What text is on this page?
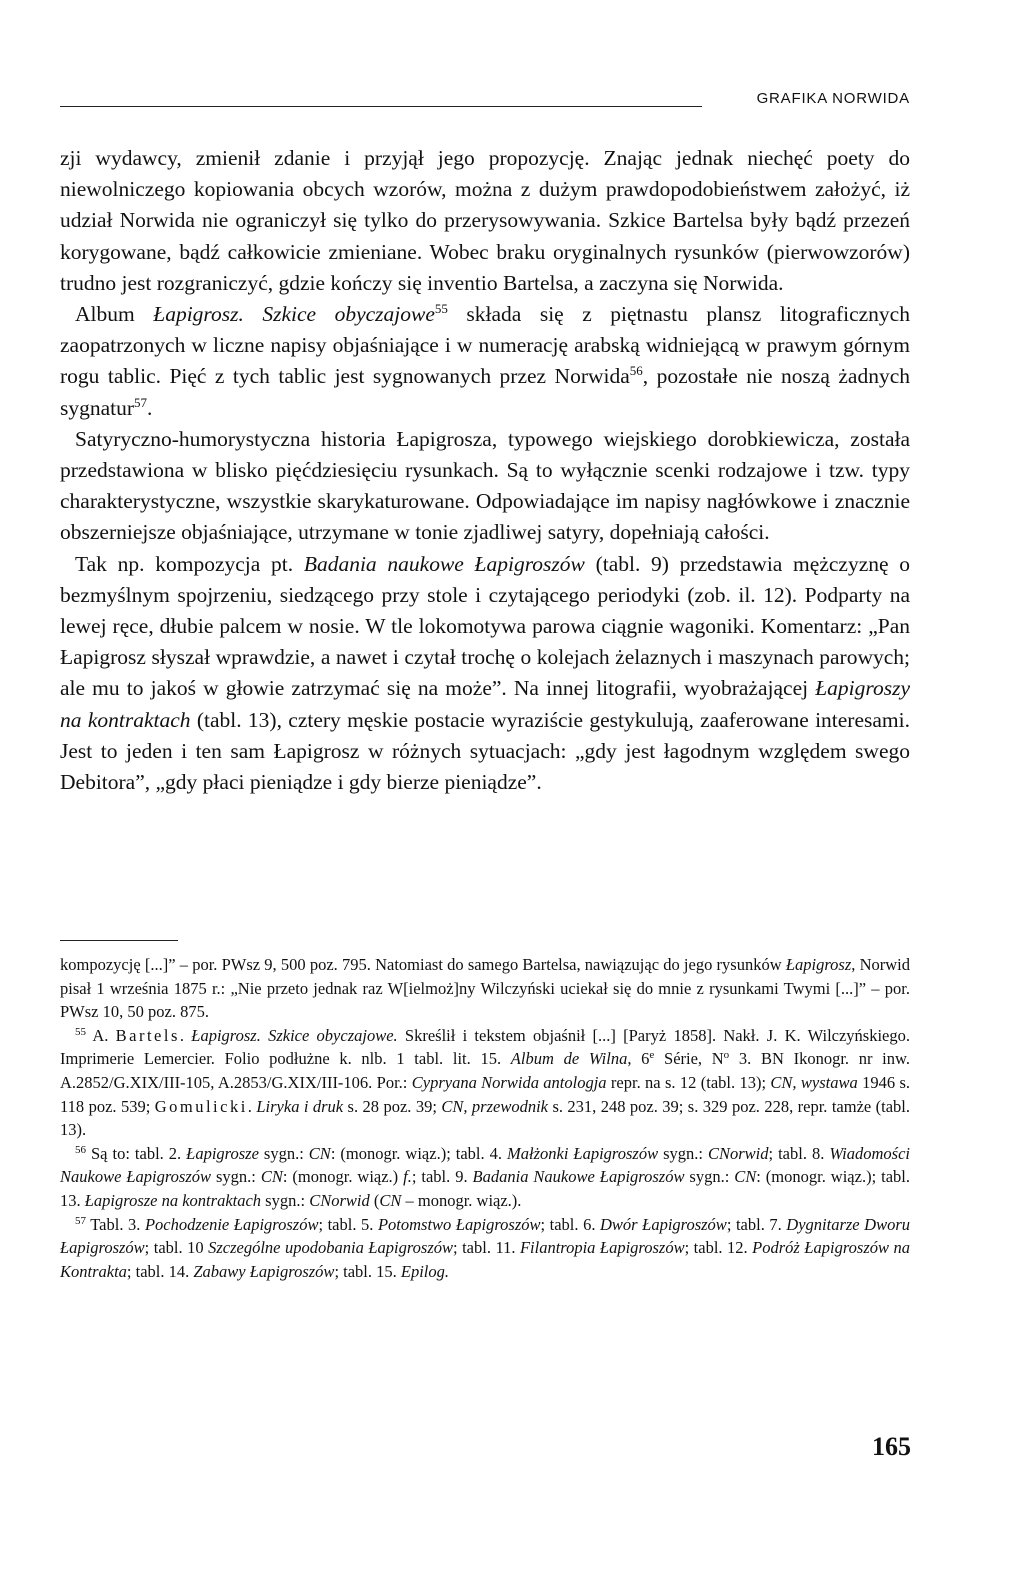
GRAFIKA NORWIDA

zji wydawcy, zmienił zdanie i przyjął jego propozycję. Znając jednak niechęć poety do niewolniczego kopiowania obcych wzorów, można z dużym prawdopodobieństwem założyć, iż udział Norwida nie ograniczył się tylko do przerysowywania. Szkice Bartelsa były bądź przezeń korygowane, bądź całkowicie zmieniane. Wobec braku oryginalnych rysunków (pierwowzorów) trudno jest rozgraniczyć, gdzie kończy się inventio Bartelsa, a zaczyna się Norwida.

Album Łapigrosz. Szkice obyczajowe$^{55}$ składa się z piętnastu plansz litograficznych zaopatrzonych w liczne napisy objaśniające i w numerację arabską widniejącą w prawym górnym rogu tablic. Pięć z tych tablic jest sygnowanych przez Norwida$^{56}$, pozostałe nie noszą żadnych sygnatur$^{57}$.

Satyryczno-humorystyczna historia Łapigrosza, typowego wiejskiego dorobkiewicza, została przedstawiona w blisko pięćdziesięciu rysunkach. Są to wyłącznie scenki rodzajowe i tzw. typy charakterystyczne, wszystkie skarykaturowane. Odpowiadające im napisy nagłówkowe i znacznie obszerniejsze objaśniające, utrzymane w tonie zjadliwej satyry, dopełniają całości.

Tak np. kompozycja pt. Badania naukowe Łapigroszów (tabl. 9) przedstawia mężczyznę o bezmyślnym spojrzeniu, siedzącego przy stole i czytającego periodyki (zob. il. 12). Podparty na lewej ręce, dłubie palcem w nosie. W tle lokomotywa parowa ciągnie wagoniki. Komentarz: „Pan Łapigrosz słyszał wprawdzie, a nawet i czytał trochę o kolejach żelaznych i maszynach parowych; ale mu to jakoś w głowie zatrzymać się na może”. Na innej litografii, wyobrażającej Łapigroszy na kontraktach (tabl. 13), cztery męskie postacie wyraziście gestykulują, zaaferowane interesami. Jest to jeden i ten sam Łapigrosz w różnych sytuacjach: „gdy jest łagodnym względem swego Debitora”, „gdy płaci pieniądze i gdy bierze pieniądze”.

kompozycję [...]” – por. PWsz 9, 500 poz. 795. Natomiast do samego Bartelsa, nawiązując do jego rysunków Łapigrosz, Norwid pisał 1 września 1875 r.: „Nie przeto jednak raz W[ielmoż]ny Wilczyński uciekał się do mnie z rysunkami Twymi [...]” – por. PWsz 10, 50 poz. 875.

$^{55}$ A. Bartels. Łapigrosz. Szkice obyczajowe. Skreślił i tekstem objaśnił [...] [Paryż 1858]. Nakł. J. K. Wilczyńskiego. Imprimerie Lemercier. Folio podłużne k. nlb. 1 tabl. lit. 15. Album de Wilna, 6e Série, $N^o$ 3. BN Ikonogr. nr inw. A.2852/G.XIX/III-105, A.2853/G.XIX/III-106. Por.: Cypryana Norwida antologja repr. na s. 12 (tabl. 13); CN, wystawa 1946 s. 118 poz. 539; Gomulicki. Liryka i druk s. 28 poz. 39; CN, przewodnik s. 231, 248 poz. 39; s. 329 poz. 228, repr. tamże (tabl. 13).

$^{56}$ Są to: tabl. 2. Łapigrosze sygn.: CN: (monogr. wiąz.); tabl. 4. Małżonki Łapigroszów sygn.: CNorwid; tabl. 8. Wiadomości Naukowe Łapigroszów sygn.: CN: (monogr. wiąz.) f.; tabl. 9. Badania Naukowe Łapigroszów sygn.: CN: (monogr. wiąz.); tabl. 13. Łapigrosze na kontraktach sygn.: CNorwid (CN – monogr. wiąz.).

$^{57}$ Tabl. 3. Pochodzenie Łapigroszów; tabl. 5. Potomstwo Łapigroszów; tabl. 6. Dwór Łapigroszów; tabl. 7. Dygnitarze Dworu Łapigroszów; tabl. 10 Szczególne upodobania Łapigroszów; tabl. 11. Filantropia Łapigroszów; tabl. 12. Podróż Łapigroszów na Kontrakta; tabl. 14. Zabawy Łapigroszów; tabl. 15. Epilog.

165
